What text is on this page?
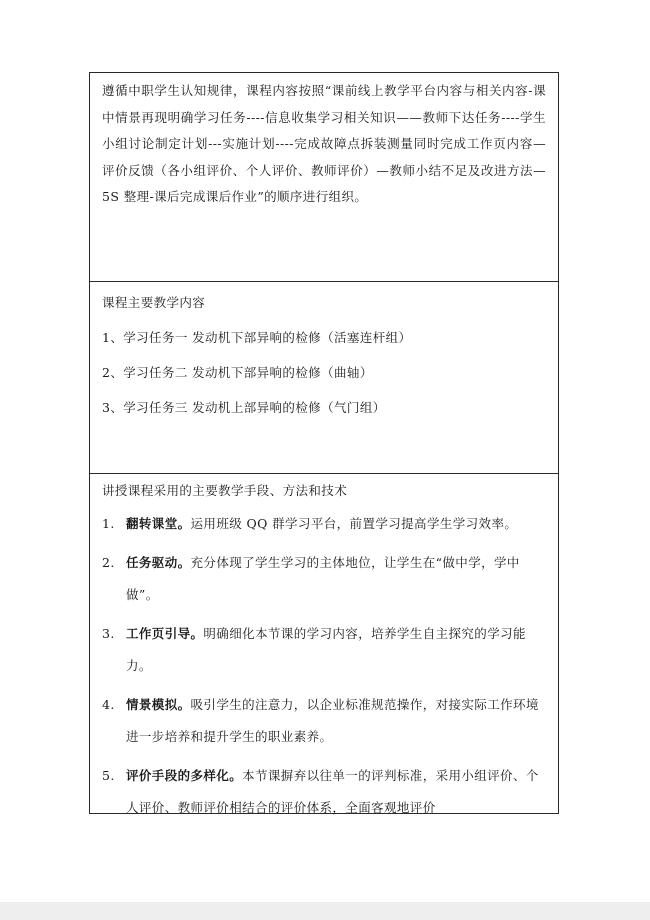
遵循中职学生认知规律，课程内容按照“课前线上教学平台内容与相关内容-课中情景再现明确学习任务----信息收集学习相关知识——教师下达任务----学生小组讨论制定计划---实施计划----完成故障点拆装测量同时完成工作页内容—评价反馈（各小组评价、个人评价、教师评价）—教师小结不足及改进方法—5S 整理-课后完成课后作业”的顺序进行组织。
课程主要教学内容
1、学习任务一 发动机下部异响的检修（活塞连杆组）
2、学习任务二 发动机下部异响的检修（曲轴）
3、学习任务三 发动机上部异响的检修（气门组）
讲授课程采用的主要教学手段、方法和技术
1. 翻转课堂。运用班级 QQ 群学习平台，前置学习提高学生学习效率。
2. 任务驱动。充分体现了学生学习的主体地位，让学生在“做中学，学中做”。
3. 工作页引导。明确细化本节课的学习内容，培养学生自主探究的学习能力。
4. 情景模拟。吸引学生的注意力，以企业标准规范操作，对接实际工作环境进一步培养和提升学生的职业素养。
5. 评价手段的多样化。本节课摒弃以往单一的评判标准，采用小组评价、个人评价、教师评价相结合的评价体系，全面客观地评价
